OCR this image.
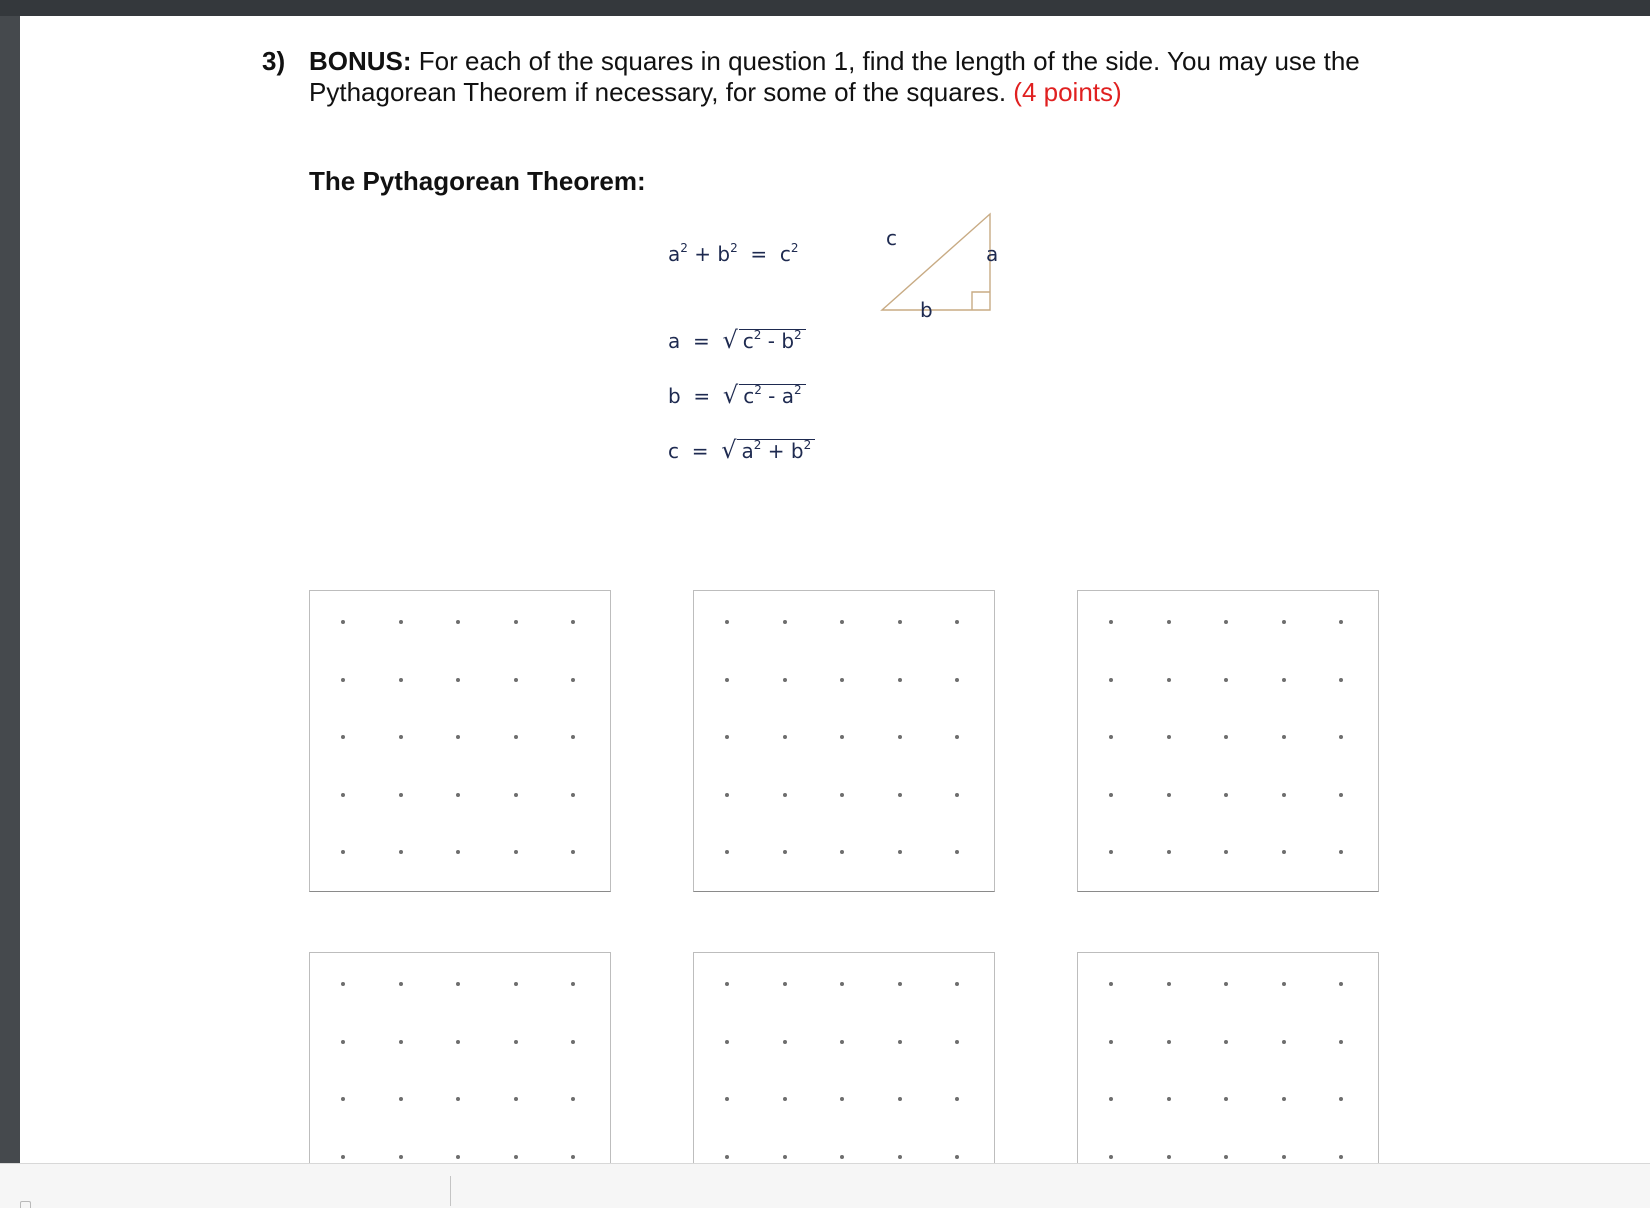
3) BONUS: For each of the squares in question 1, find the length of the side. You may use the Pythagorean Theorem if necessary, for some of the squares. (4 points)
The Pythagorean Theorem:
$a^2 + b^2 = c^2$
a  =  √ $c^2 - b^2$
b  =  √ $c^2 - a^2$
c  =  √ $a^2 + b^2$
c
a
b
